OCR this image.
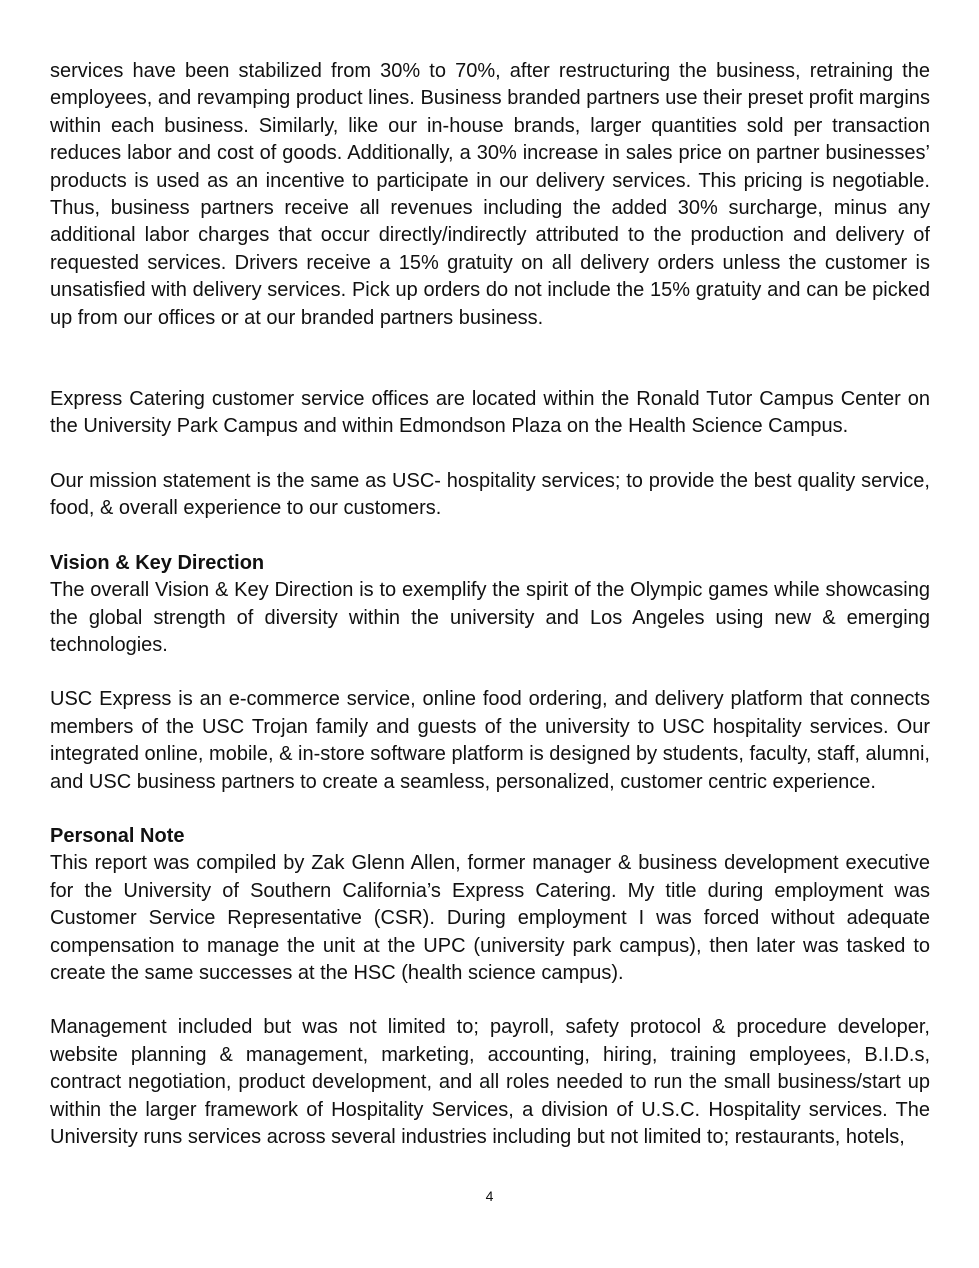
services have been stabilized from 30% to 70%, after restructuring the business, retraining the employees, and revamping product lines. Business branded partners use their preset profit margins within each business. Similarly, like our in-house brands, larger quantities sold per transaction reduces labor and cost of goods. Additionally, a 30% increase in sales price on partner businesses’ products is used as an incentive to participate in our delivery services. This pricing is negotiable. Thus, business partners receive all revenues including the added 30% surcharge, minus any additional labor charges that occur directly/indirectly attributed to the production and delivery of requested services. Drivers receive a 15% gratuity on all delivery orders unless the customer is unsatisfied with delivery services. Pick up orders do not include the 15% gratuity and can be picked up from our offices or at our branded partners business.

Express Catering customer service offices are located within the Ronald Tutor Campus Center on the University Park Campus and within Edmondson Plaza on the Health Science Campus.

Our mission statement is the same as USC- hospitality services; to provide the best quality service, food, & overall experience to our customers.

Vision & Key Direction

The overall Vision & Key Direction is to exemplify the spirit of the Olympic games while showcasing the global strength of diversity within the university and Los Angeles using new & emerging technologies.

USC Express is an e-commerce service, online food ordering, and delivery platform that connects members of the USC Trojan family and guests of the university to USC hospitality services. Our integrated online, mobile, & in-store software platform is designed by students, faculty, staff, alumni, and USC business partners to create a seamless, personalized, customer centric experience.

Personal Note

This report was compiled by Zak Glenn Allen, former manager & business development executive for the University of Southern California’s Express Catering. My title during employment was Customer Service Representative (CSR). During employment I was forced without adequate compensation to manage the unit at the UPC (university park campus), then later was tasked to create the same successes at the HSC (health science campus).

Management included but was not limited to; payroll, safety protocol & procedure developer, website planning & management, marketing, accounting, hiring, training employees, B.I.D.s, contract negotiation, product development, and all roles needed to run the small business/start up within the larger framework of Hospitality Services, a division of U.S.C. Hospitality services. The University runs services across several industries including but not limited to; restaurants, hotels,

4
